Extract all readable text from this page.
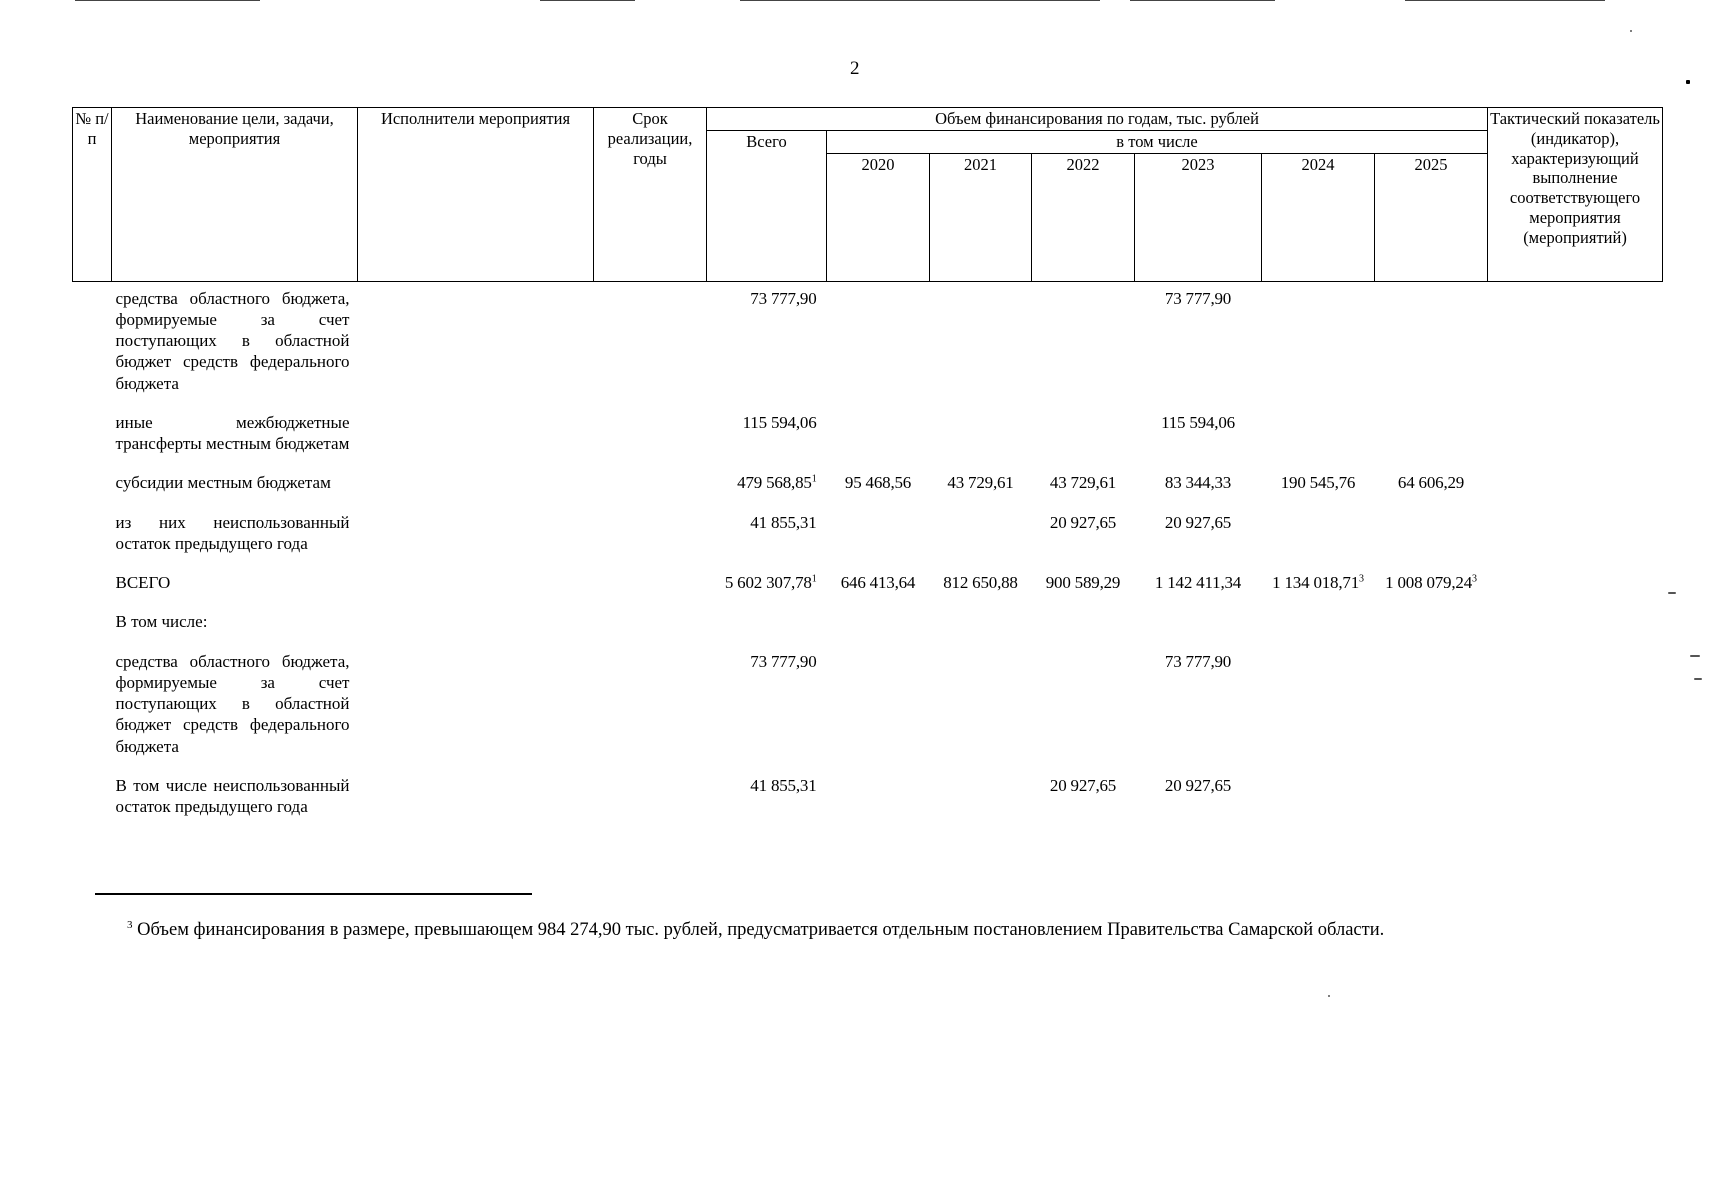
2
№ п/п	Наименование цели, задачи, мероприятия	Исполнители мероприятия	Срок реализации, годы	Объем финансирования по годам, тыс. рублей							Тактический показатель (индикатор), характеризующий выполнение соответствующего мероприятия (мероприятий)
				Всего	в том числе						
					2020	2021	2022	2023	2024	2025	
	средства областного бюджета, формируемые за счет поступающих в областной бюджет средств федерального бюджета			73 777,90				73 777,90			
	иные межбюджетные трансферты местным бюджетам			115 594,06				115 594,06			
	субсидии местным бюджетам			479 568,85$^1$	95 468,56	43 729,61	43 729,61	83 344,33	190 545,76	64 606,29	
	из них неиспользованный остаток предыдущего года			41 855,31			20 927,65	20 927,65			
	ВСЕГО			5 602 307,78$^1$	646 413,64	812 650,88	900 589,29	1 142 411,34	1 134 018,71$^3$	1 008 079,24$^3$	
	В том числе:										
	средства областного бюджета, формируемые за счет поступающих в областной бюджет средств федерального бюджета			73 777,90				73 777,90			
	В том числе неиспользованный остаток предыдущего года			41 855,31			20 927,65	20 927,65			
$^3$ Объем финансирования в размере, превышающем 984 274,90 тыс. рублей, предусматривается отдельным постановлением Правительства Самарской области.
